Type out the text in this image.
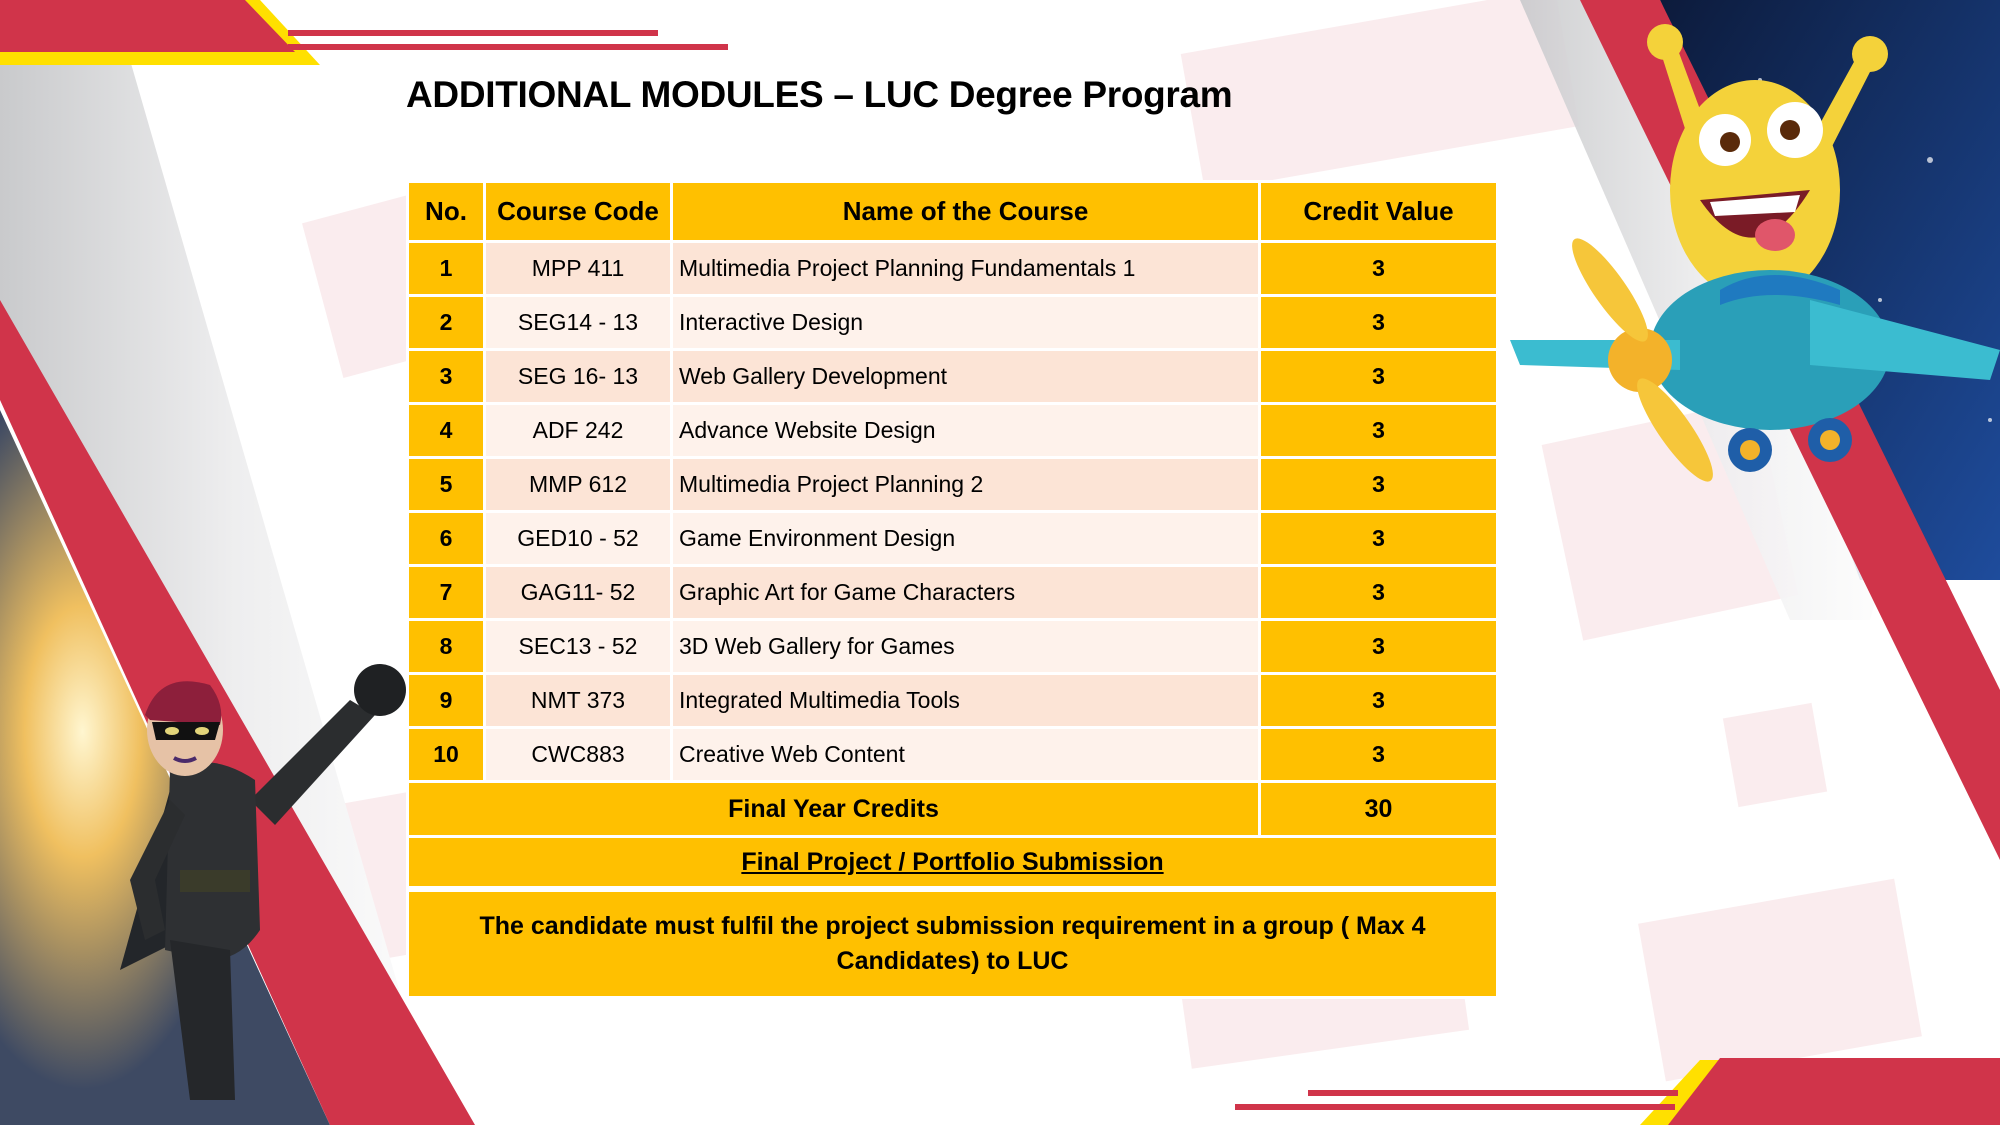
ADDITIONAL MODULES – LUC Degree Program
No.	Course Code	Name of the Course	Credit Value
1	MPP 411	Multimedia Project Planning Fundamentals 1	3
2	SEG14 - 13	Interactive Design	3
3	SEG 16- 13	Web Gallery Development	3
4	ADF 242	Advance Website Design	3
5	MMP 612	Multimedia Project Planning 2	3
6	GED10 - 52	Game Environment Design	3
7	GAG11- 52	Graphic Art for Game Characters	3
8	SEC13 - 52	3D Web Gallery for Games	3
9	NMT 373	Integrated Multimedia Tools	3
10	CWC883	Creative Web Content	3
Final Year Credits			30
Final Project / Portfolio Submission			
The candidate must fulfil the project submission requirement in a group ( Max 4 Candidates) to LUC			
